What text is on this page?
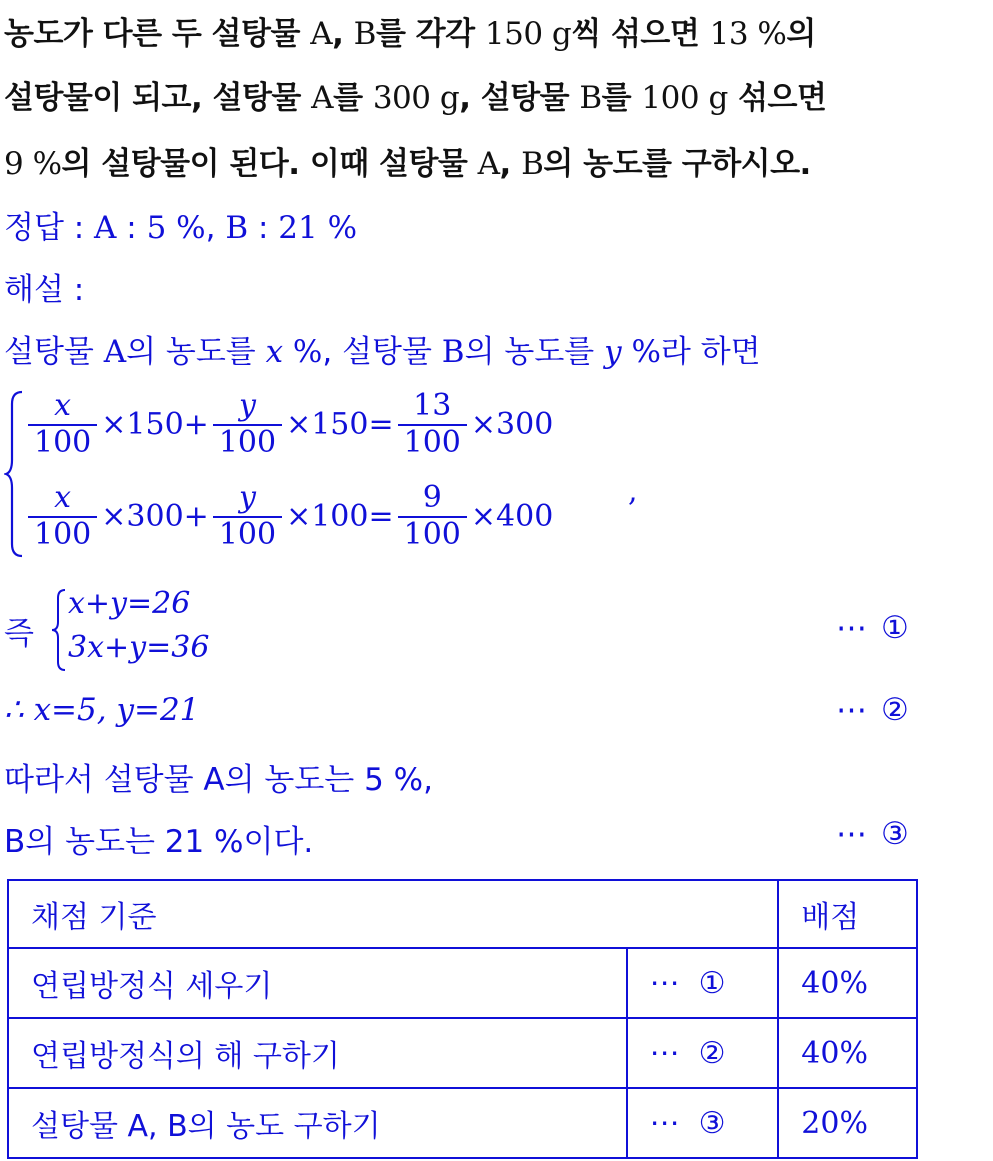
농도가 다른 두 설탕물 A, B를 각각 150 g씩 섞으면 13 %의
설탕물이 되고, 설탕물 A를 300 g, 설탕물 B를 100 g 섞으면
9 %의 설탕물이 된다. 이때 설탕물 A, B의 농도를 구하시오.
정답 : A : 5 %, B : 21 %
해설 :
설탕물 A의 농도를 x %, 설탕물 B의 농도를 y %라 하면
$\frac{x}{100} \times 150+ \frac{y}{100} \times 150= \frac{13}{100} \times 300$
$\frac{x}{100} \times 300+ \frac{y}{100} \times 100= \frac{9}{100} \times 400$
,
즉
x+y=26
3x+y=36
⋯ ①
∴ x=5, y=21	⋯ ②
따라서 설탕물 A의 농도는 5 %,
B의 농도는 21 %이다.	⋯ ③
채점 기준		배점
연립방정식 세우기	⋯ ①	40%
연립방정식의 해 구하기	⋯ ②	40%
설탕물 A, B의 농도 구하기	⋯ ③	20%
